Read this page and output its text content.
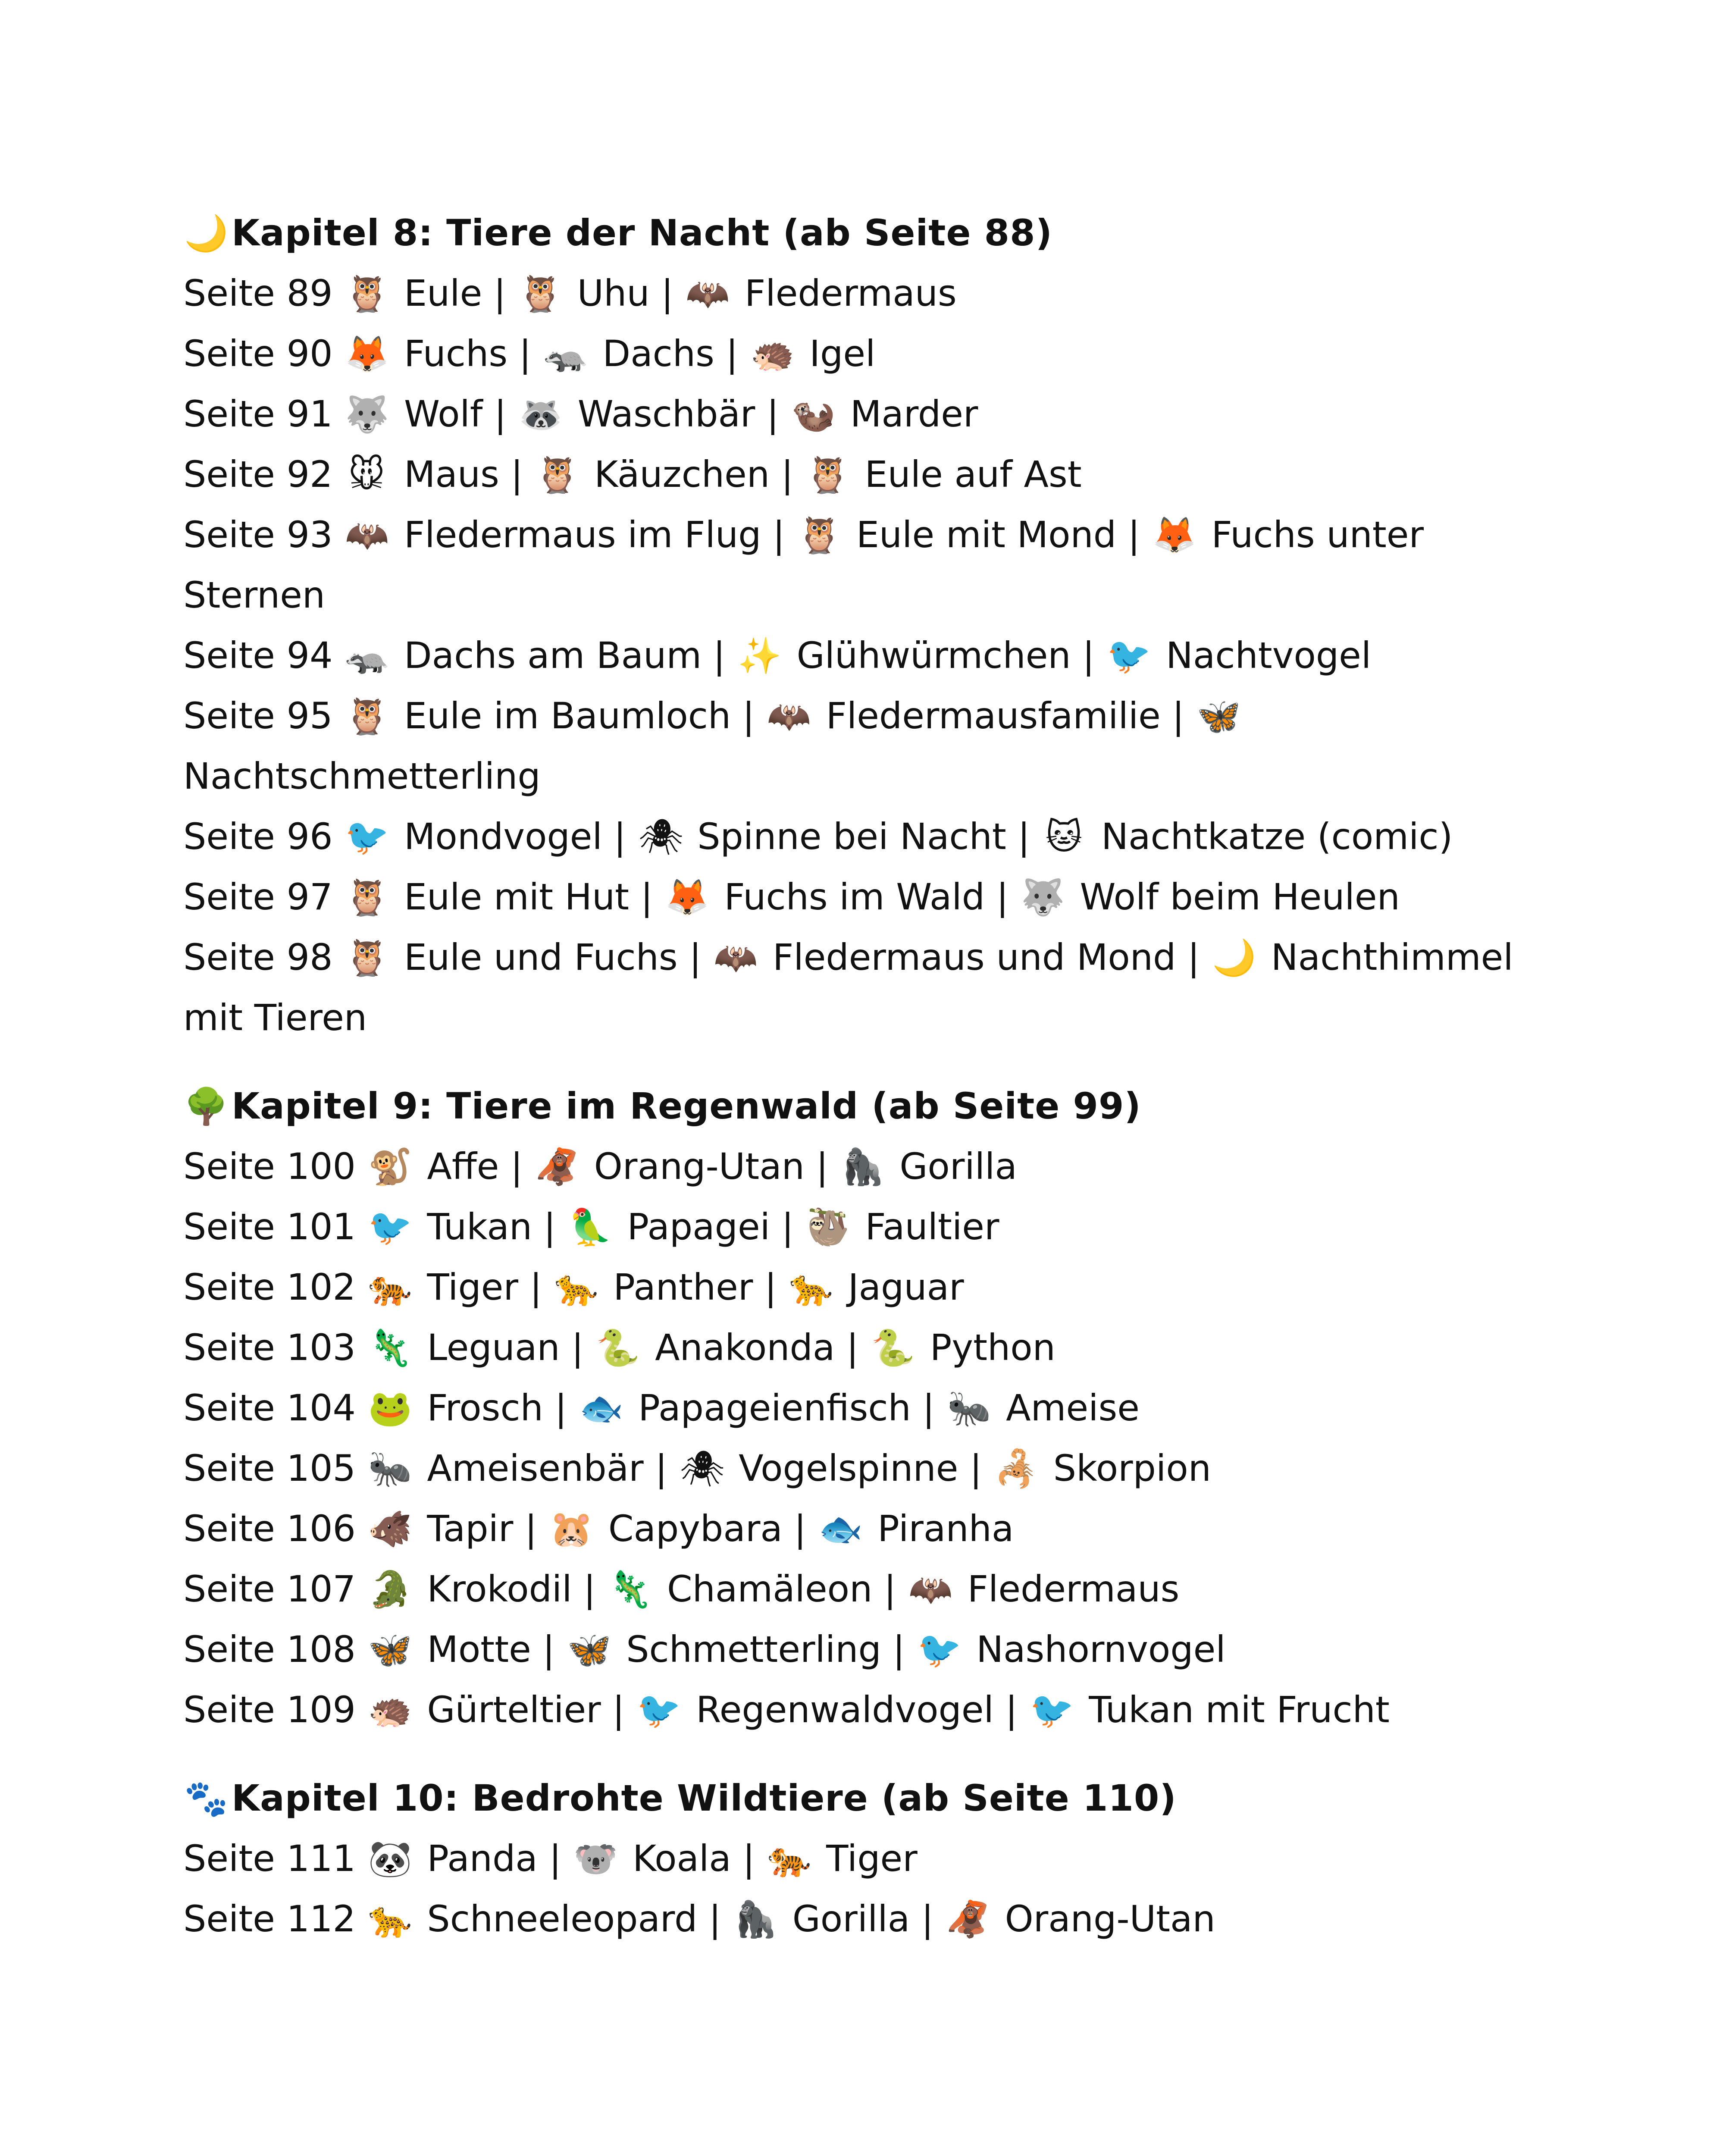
🌙Kapitel 8: Tiere der Nacht (ab Seite 88)
Seite 89 🦉 Eule | 🦉 Uhu | 🦇 Fledermaus
Seite 90 🦊 Fuchs | 🦡 Dachs | 🦔 Igel
Seite 91 🐺 Wolf | 🦝 Waschbär | 🦦 Marder
Seite 92 🐭 Maus | 🦉 Käuzchen | 🦉 Eule auf Ast
Seite 93 🦇 Fledermaus im Flug | 🦉 Eule mit Mond | 🦊 Fuchs unter
Sternen
Seite 94 🦡 Dachs am Baum | ✨ Glühwürmchen | 🐦 Nachtvogel
Seite 95 🦉 Eule im Baumloch | 🦇 Fledermausfamilie | 🦋
Nachtschmetterling
Seite 96 🐦 Mondvogel | 🕷 Spinne bei Nacht | 🐱 Nachtkatze (comic)
Seite 97 🦉 Eule mit Hut | 🦊 Fuchs im Wald | 🐺 Wolf beim Heulen
Seite 98 🦉 Eule und Fuchs | 🦇 Fledermaus und Mond | 🌙 Nachthimmel
mit Tieren
🌳Kapitel 9: Tiere im Regenwald (ab Seite 99)
Seite 100 🐒 Affe | 🦧 Orang-Utan | 🦍 Gorilla
Seite 101 🐦 Tukan | 🦜 Papagei | 🦥 Faultier
Seite 102 🐅 Tiger | 🐆 Panther | 🐆 Jaguar
Seite 103 🦎 Leguan | 🐍 Anakonda | 🐍 Python
Seite 104 🐸 Frosch | 🐟 Papageienfisch | 🐜 Ameise
Seite 105 🐜 Ameisenbär | 🕷 Vogelspinne | 🦂 Skorpion
Seite 106 🐗 Tapir | 🐹 Capybara | 🐟 Piranha
Seite 107 🐊 Krokodil | 🦎 Chamäleon | 🦇 Fledermaus
Seite 108 🦋 Motte | 🦋 Schmetterling | 🐦 Nashornvogel
Seite 109 🦔 Gürteltier | 🐦 Regenwaldvogel | 🐦 Tukan mit Frucht
🐾Kapitel 10: Bedrohte Wildtiere (ab Seite 110)
Seite 111 🐼 Panda | 🐨 Koala | 🐅 Tiger
Seite 112 🐆 Schneeleopard | 🦍 Gorilla | 🦧 Orang-Utan
